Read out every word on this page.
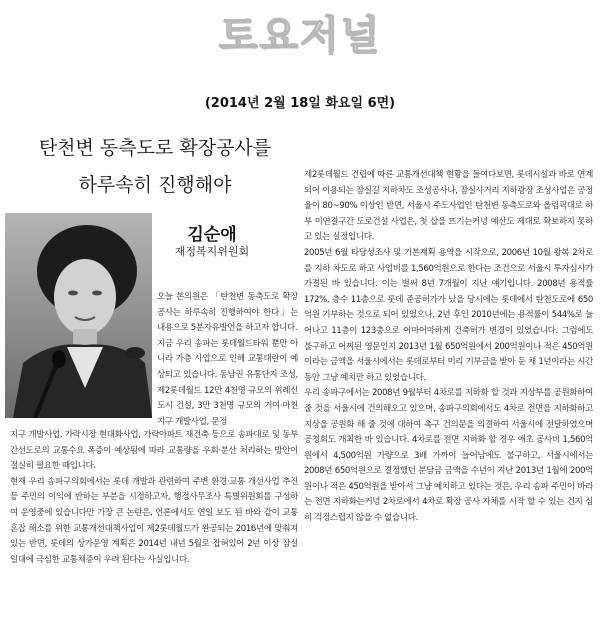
토요저널
(2014년 2월 18일 화요일 6면)
탄천변 동측도로 확장공사를
하루속히 진행해야
김순애
재정복지위원회

오늘 본의원은 「탄천변 동측도로 확장공사는 하루속히 진행하여야 한다」는 내용으로 5분자유발언을 하고자 합니다.
지금 우리 송파는 롯데월드타워 뿐만 아니라 가층 사업으로 인해 교통대란이 예상되고 있습니다. 동남권 유통단지 조성, 제2롯데월드 12만 4천명 규모의 위례신도시 건설, 3만 3천명 규모의 거여·마천지구 개발사업, 문정

지구 개발사업, 가락시장 현대화사업, 가락아파트 재건축 등으로 송파대로 및 동부간선도로의 교통수요 폭증이 예상됨에 따라 교통량을 우회·분산 처리하는 방안이 절실히 필요한 때입니다.
현재 우리 송파구의회에서는 롯데 개발과 관련하여 주변 환경·교통 개선사업 추진 등 주민의 이익에 반하는 부분을 시정하고자, 행정사무조사 특별위원회를 구성하여 운영중에 있습니다만 가장 큰 논란은, 언론에서도 연일 보도 된 바와 같이 교통 혼잡 해소를 위한 교통개선대책사업이 제2롯데월드가 완공되는 2016년에 맞춰져 있는 반면, 롯데의 상가운영 계획은 2014년 내년 5월로 잡혀있어 2년 이상 잠실 일대에 극심한 교통체증이 우려 된다는 사실입니다.

제2롯데월드 건립에 따른 교통개선대책 현황을 들여다보면, 롯데시설과 바로 연계되어 이용되는 잠실길 지하차도 조성공사나, 잠실사거리 지하광장 조성사업은 공정율이 80~90% 이상인 반면, 서울시 주도사업인 탄천변 동측도로와 올림픽대로 하부 미연결구간 도로건설 사업은, 첫 삽을 뜨기는커녕 예산도 제대로 확보하지 못하고 있는 실정입니다.
2005년 6월 타당성조사 및 기본계획 용역을 시작으로, 2006년 10월 왕복 2차로를 지하 차도로 하고 사업비를 1,560억원으로 한다는 조건으로 서울시 투자심사가 가결된 바 있습니다. 이는 벌써 8년 7개월이 지난 얘기입니다. 2008년 용적률 172%, 층수 11층으로 롯데 준공허가가 났을 당시에는 롯데에서 탄천도로에 650억원 기부하는 것으로 되어 있었으나, 2년 후인 2010년에는 용적률이 544%로 늘어나고 11층이 123층으로 어마어마하게 건축허가 변경이 있었습니다. 그럼에도 불구하고 어찌된 영문인지 2013년 1월 650억원에서 200억원이나 적은 450억원이라는 금액을 서울시에서는 롯데로부터 미리 기부금을 받아 둔 채 1년이라는 시간동안 그냥 예치만 하고 있었습니다.
우리 송파구에서는 2008년 9월부터 4차로를 지하화 할 것과 지상부를 공원화하여 줄 것을 서울시에 건의해오고 있으며, 송파구의회에서도 4차로 전면을 지하화하고 지상을 공원화 해 줄 것에 대하여 촉구 건의문을 의결하여 서울시에 전달하였으며 공청회도 개최한 바 있습니다. 4차로를 전면 지하화 할 경우 애초 공사비 1,560억원에서 4,500억원 가량으로 3배 가까이 늘어남에도 불구하고, 서울시에서는 2008년 650억원으로 결정했던 분담금 금액을 수년이 지난 2013년 1월에 200억원이나 적은 450억원을 받아서 그냥 예치하고 있다는 것은, 우리 송파 주민이 바라는 전면 지하화는커녕 2차로에서 4차로 확장 공사 자체를 시작 할 수 있는 건지 심히 걱정스럽지 않을 수 없습니다.
